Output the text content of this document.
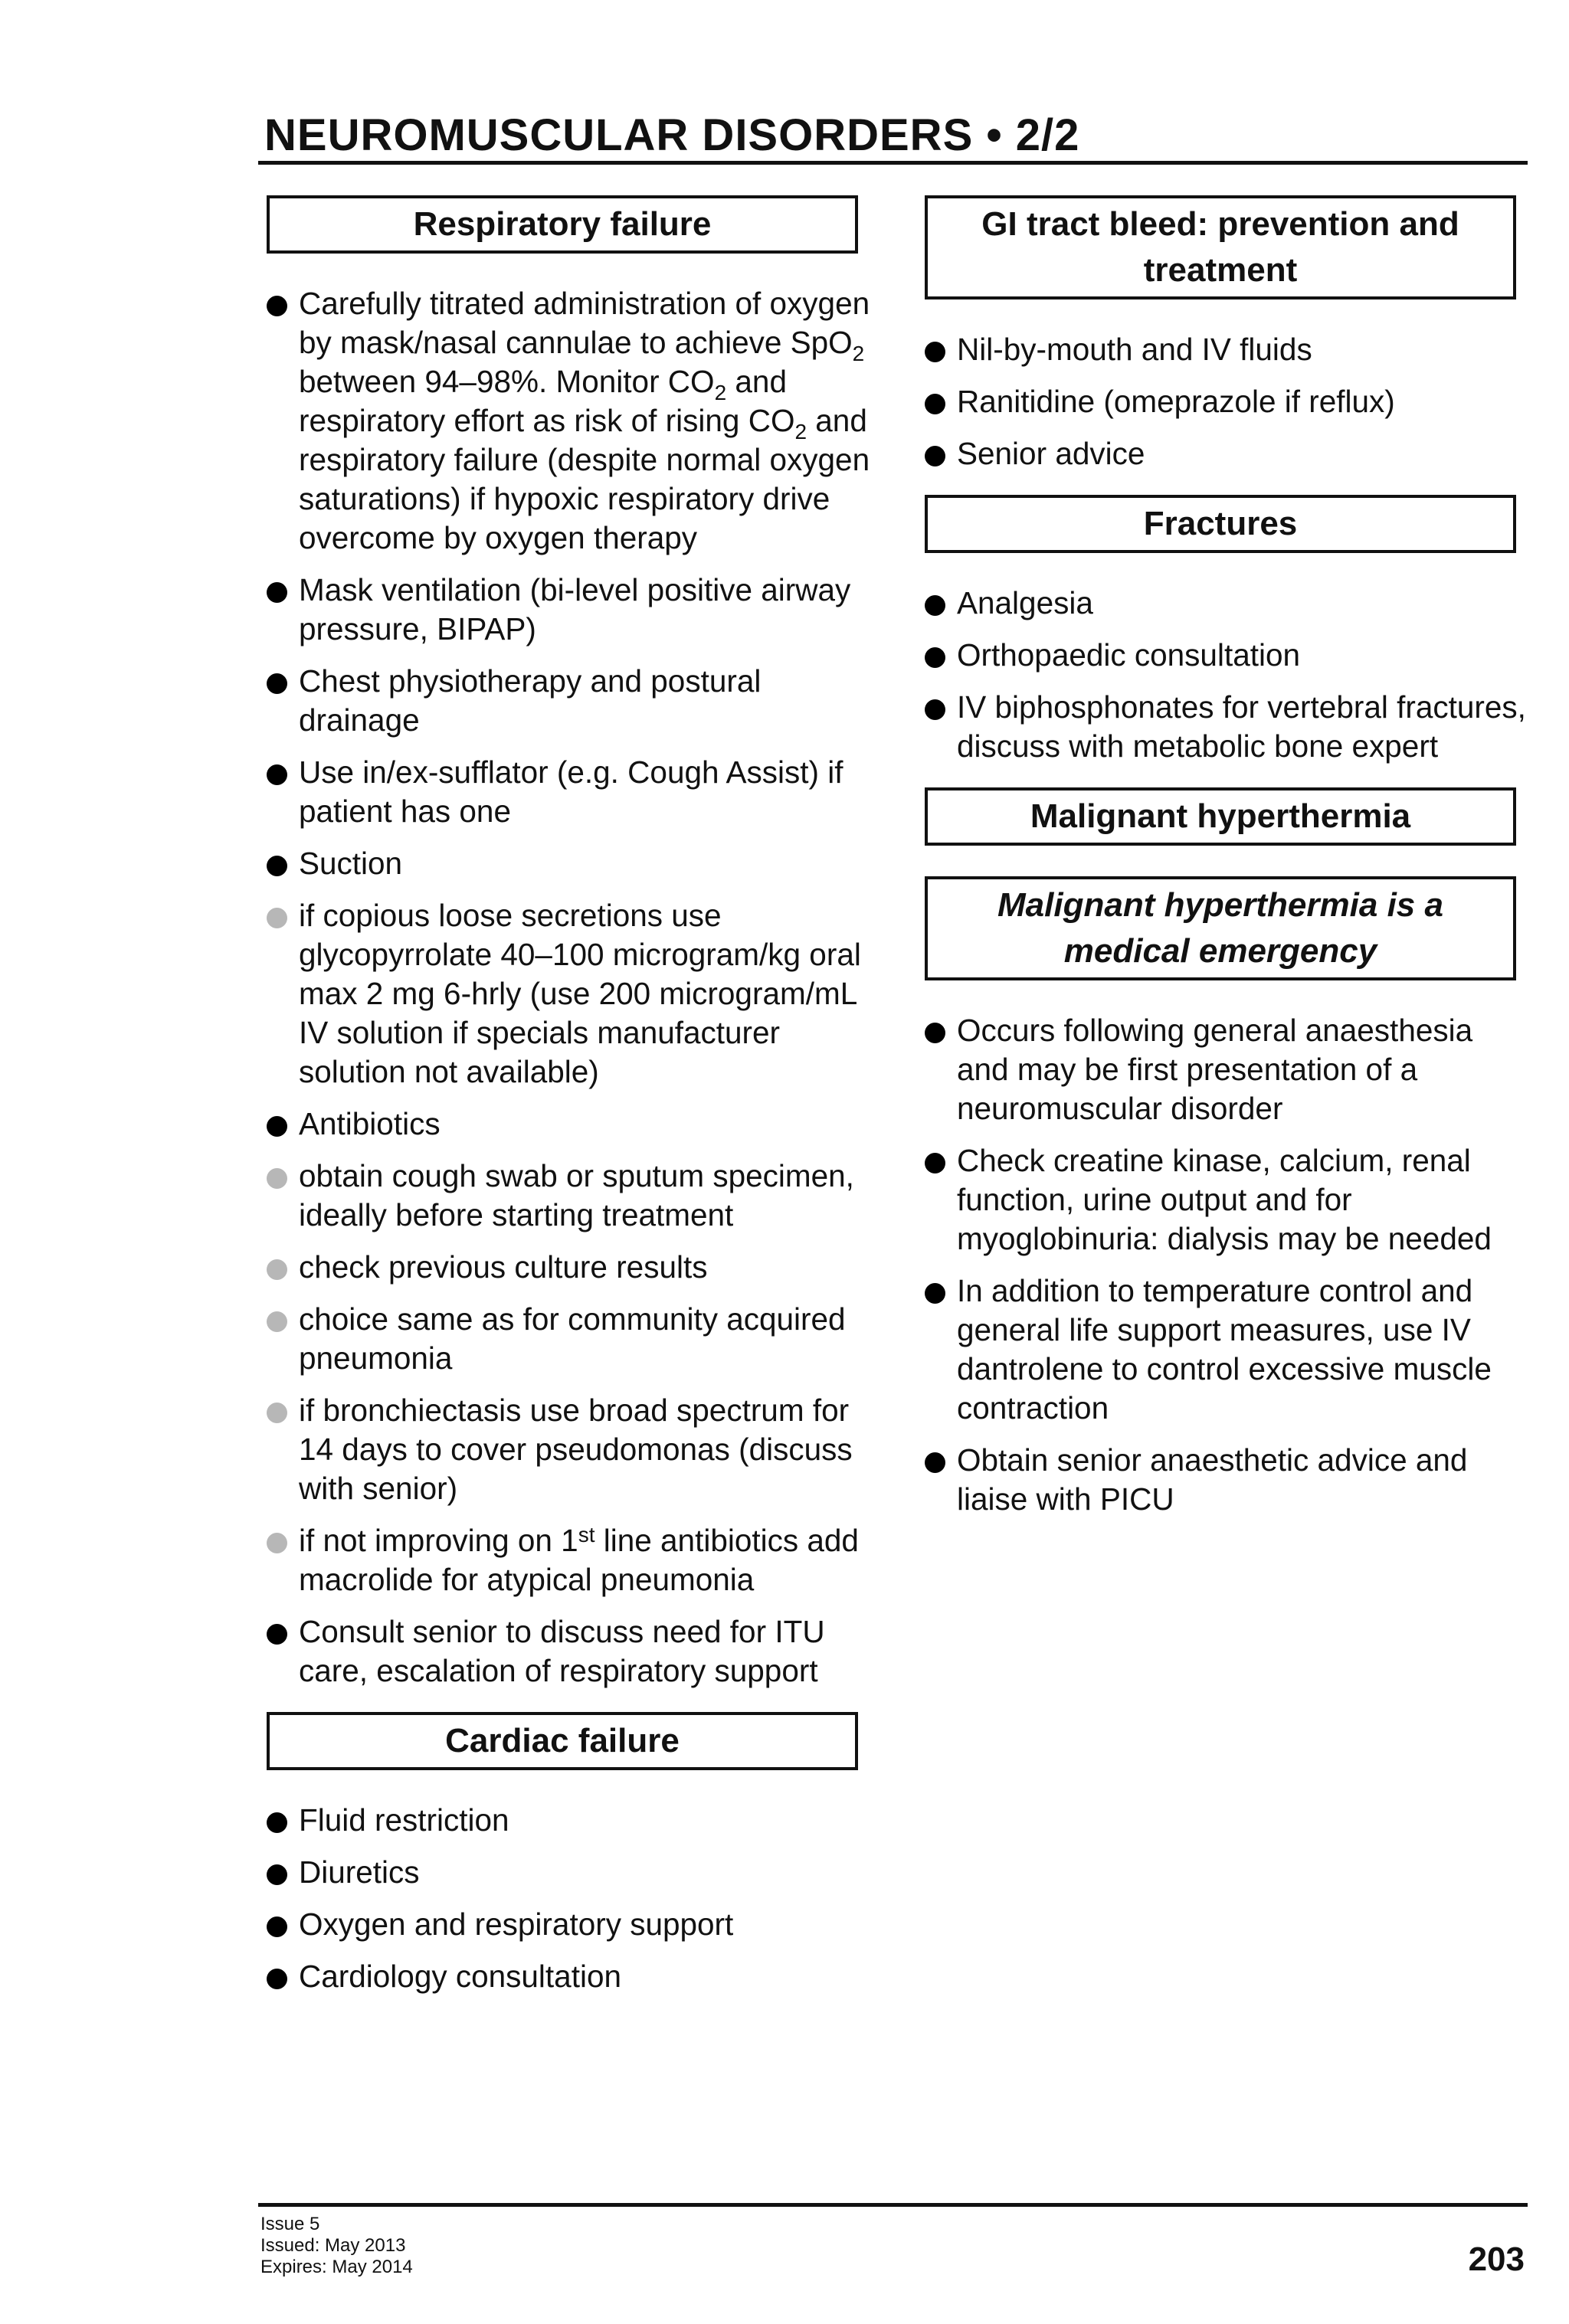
NEUROMUSCULAR DISORDERS • 2/2
Respiratory failure
Carefully titrated administration of oxygen by mask/nasal cannulae to achieve SpO$_2$ between 94–98%. Monitor $CO_2$ and respiratory effort as risk of rising $CO_2$ and respiratory failure (despite normal oxygen saturations) if hypoxic respiratory drive overcome by oxygen therapy
Mask ventilation (bi-level positive airway pressure, BIPAP)
Chest physiotherapy and postural drainage
Use in/ex-sufflator (e.g. Cough Assist) if patient has one
Suction
if copious loose secretions use glycopyrrolate 40–100 microgram/kg oral max 2 mg 6-hrly (use 200 microgram/mL IV solution if specials manufacturer solution not available)
Antibiotics
obtain cough swab or sputum specimen, ideally before starting treatment
check previous culture results
choice same as for community acquired pneumonia
if bronchiectasis use broad spectrum for 14 days to cover pseudomonas (discuss with senior)
if not improving on 1st line antibiotics add macrolide for atypical pneumonia
Consult senior to discuss need for ITU care, escalation of respiratory support
Cardiac failure
Fluid restriction
Diuretics
Oxygen and respiratory support
Cardiology consultation
GI tract bleed: prevention and treatment
Nil-by-mouth and IV fluids
Ranitidine (omeprazole if reflux)
Senior advice
Fractures
Analgesia
Orthopaedic consultation
IV biphosphonates for vertebral fractures, discuss with metabolic bone expert
Malignant hyperthermia
Malignant hyperthermia is a medical emergency
Occurs following general anaesthesia and may be first presentation of a neuromuscular disorder
Check creatine kinase, calcium, renal function, urine output and for myoglobinuria: dialysis may be needed
In addition to temperature control and general life support measures, use IV dantrolene to control excessive muscle contraction
Obtain senior anaesthetic advice and liaise with PICU
Issue 5
Issued: May 2013
Expires: May 2014	203
